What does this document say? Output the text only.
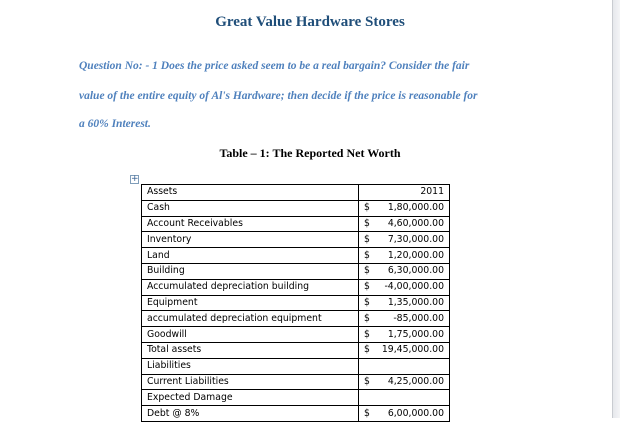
Great Value Hardware Stores
Question No: - 1 Does the price asked seem to be a real bargain? Consider the fair
value of the entire equity of Al's Hardware; then decide if the price is reasonable for
a 60% Interest.
Table – 1: The Reported Net Worth
+
Assets	2011
Cash	$ 1,80,000.00
Account Receivables	$ 4,60,000.00
Inventory	$ 7,30,000.00
Land	$ 1,20,000.00
Building	$ 6,30,000.00
Accumulated depreciation building	$ -4,00,000.00
Equipment	$ 1,35,000.00
accumulated depreciation equipment	$ -85,000.00
Goodwill	$ 1,75,000.00
Total assets	$ 19,45,000.00
Liabilities	
Current Liabilities	$ 4,25,000.00
Expected Damage	
Debt @ 8%	$ 6,00,000.00
